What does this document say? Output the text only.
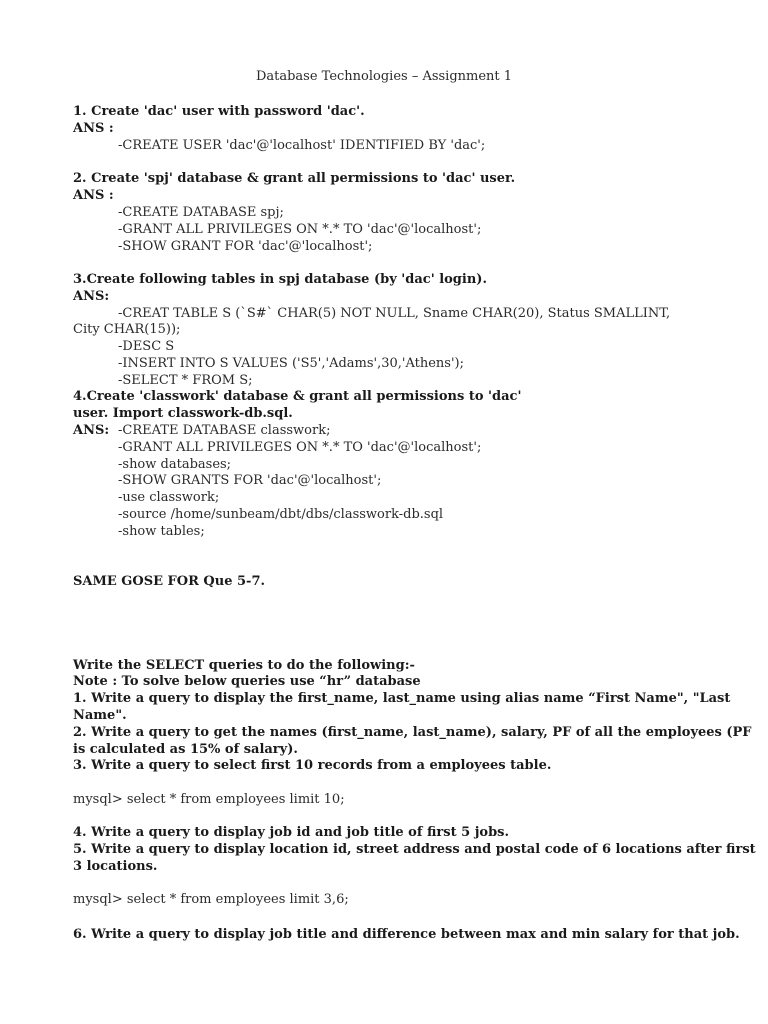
Database Technologies – Assignment 1
1. Create 'dac' user with password 'dac'.
ANS :
-CREATE USER 'dac'@'localhost' IDENTIFIED BY 'dac';
2. Create 'spj' database & grant all permissions to 'dac' user.
ANS :
-CREATE DATABASE spj;
-GRANT ALL PRIVILEGES ON *.* TO 'dac'@'localhost';
-SHOW GRANT FOR 'dac'@'localhost';
3.Create following tables in spj database (by 'dac' login).
ANS:
-CREAT TABLE S (`S#` CHAR(5) NOT NULL, Sname CHAR(20), Status SMALLINT,
City CHAR(15));
-DESC S
-INSERT INTO S VALUES ('S5','Adams',30,'Athens');
-SELECT * FROM S;
4.Create 'classwork' database & grant all permissions to 'dac'
user. Import classwork-db.sql.
ANS: -CREATE DATABASE classwork;
-GRANT ALL PRIVILEGES ON *.* TO 'dac'@'localhost';
-show databases;
-SHOW GRANTS FOR 'dac'@'localhost';
-use classwork;
-source /home/sunbeam/dbt/dbs/classwork-db.sql
-show tables;
SAME GOSE FOR Que 5-7.
Write the SELECT queries to do the following:-
Note : To solve below queries use “hr” database
1. Write a query to display the first_name, last_name using alias name “First Name", "Last
Name".
2. Write a query to get the names (first_name, last_name), salary, PF of all the employees (PF
is calculated as 15% of salary).
3. Write a query to select first 10 records from a employees table.
mysql> select * from employees limit 10;
4. Write a query to display job id and job title of first 5 jobs.
5. Write a query to display location id, street address and postal code of 6 locations after first
3 locations.
mysql> select * from employees limit 3,6;
6. Write a query to display job title and difference between max and min salary for that job.
